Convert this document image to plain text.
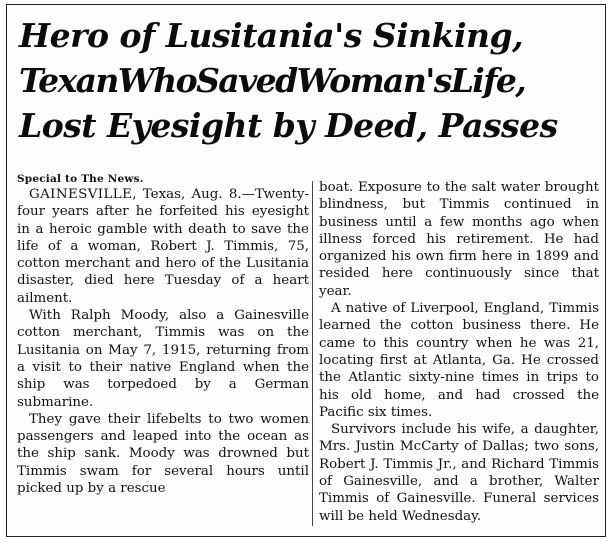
Hero of Lusitania's Sinking,
TexanWhoSavedWoman'sLife,
Lost Eyesight by Deed, Passes
Special to The News.

GAINESVILLE, Texas, Aug. 8.—Twenty-four years after he forfeited his eyesight in a heroic gamble with death to save the life of a woman, Robert J. Timmis, 75, cotton merchant and hero of the Lusitania disaster, died here Tuesday of a heart ailment.

With Ralph Moody, also a Gainesville cotton merchant, Timmis was on the Lusitania on May 7, 1915, returning from a visit to their native England when the ship was torpedoed by a German submarine.

They gave their lifebelts to two women passengers and leaped into the ocean as the ship sank. Moody was drowned but Timmis swam for several hours until picked up by a rescue

boat. Exposure to the salt water brought blindness, but Timmis continued in business until a few months ago when illness forced his retirement. He had organized his own firm here in 1899 and resided here continuously since that year.

A native of Liverpool, England, Timmis learned the cotton business there. He came to this country when he was 21, locating first at Atlanta, Ga. He crossed the Atlantic sixty-nine times in trips to his old home, and had crossed the Pacific six times.

Survivors include his wife, a daughter, Mrs. Justin McCarty of Dallas; two sons, Robert J. Timmis Jr., and Richard Timmis of Gainesville, and a brother, Walter Timmis of Gainesville. Funeral services will be held Wednesday.
